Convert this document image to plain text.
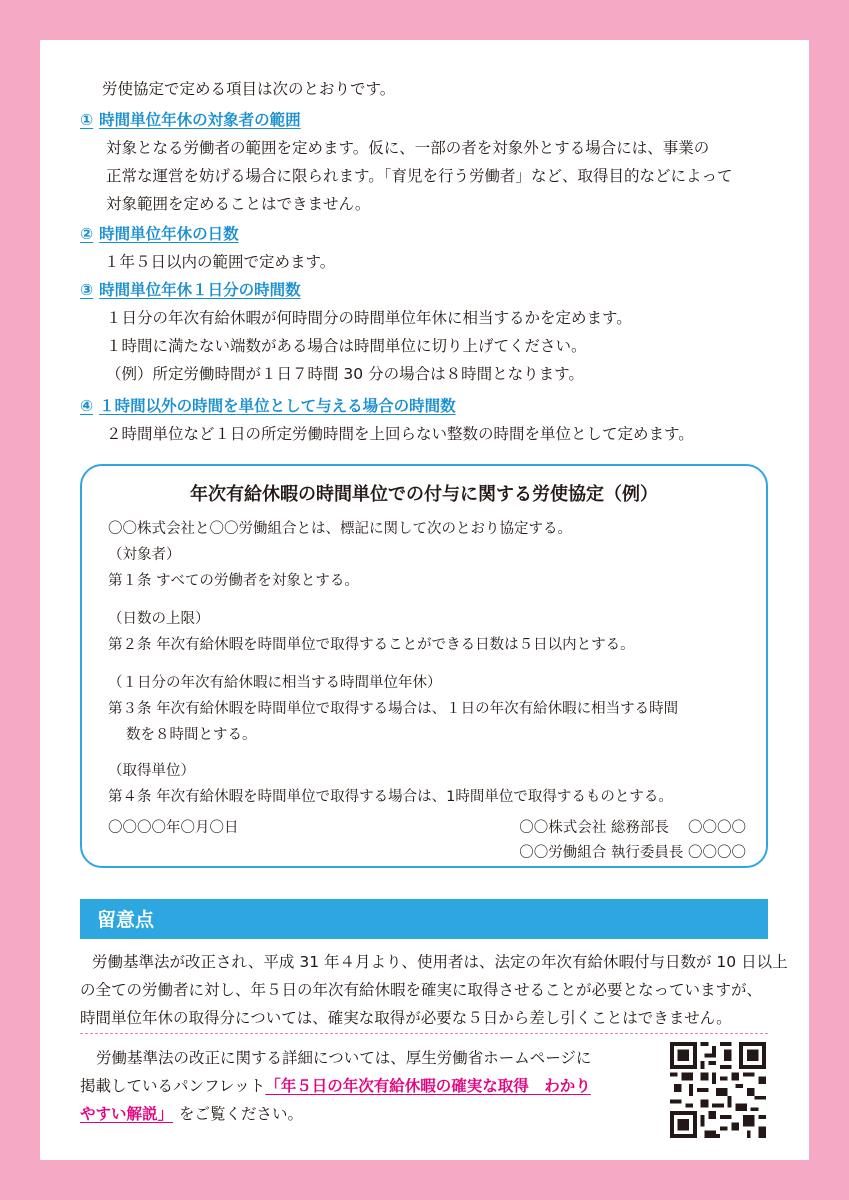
労使協定で定める項目は次のとおりです。
① 時間単位年休の対象者の範囲
対象となる労働者の範囲を定めます。仮に、一部の者を対象外とする場合には、事業の
正常な運営を妨げる場合に限られます。「育児を行う労働者」など、取得目的などによって
対象範囲を定めることはできません。
② 時間単位年休の日数
１年５日以内の範囲で定めます。
③ 時間単位年休１日分の時間数
１日分の年次有給休暇が何時間分の時間単位年休に相当するかを定めます。
１時間に満たない端数がある場合は時間単位に切り上げてください。
（例）所定労働時間が１日７時間 30 分の場合は８時間となります。
④ １時間以外の時間を単位として与える場合の時間数
２時間単位など１日の所定労働時間を上回らない整数の時間を単位として定めます。
年次有給休暇の時間単位での付与に関する労使協定（例）
〇〇株式会社と〇〇労働組合とは、標記に関して次のとおり協定する。
（対象者）
第１条 すべての労働者を対象とする。
（日数の上限）
第２条 年次有給休暇を時間単位で取得することができる日数は５日以内とする。
（１日分の年次有給休暇に相当する時間単位年休）
第３条 年次有給休暇を時間単位で取得する場合は、１日の年次有給休暇に相当する時間
数を８時間とする。
（取得単位）
第４条 年次有給休暇を時間単位で取得する場合は、1時間単位で取得するものとする。
〇〇〇〇年〇月〇日	〇〇株式会社 総務部長　 〇〇〇〇
〇〇労働組合 執行委員長 〇〇〇〇
留意点
労働基準法が改正され、平成 31 年４月より、使用者は、法定の年次有給休暇付与日数が 10 日以上
の全ての労働者に対し、年５日の年次有給休暇を確実に取得させることが必要となっていますが、
時間単位年休の取得分については、確実な取得が必要な５日から差し引くことはできません。
労働基準法の改正に関する詳細については、厚生労働省ホームページに
掲載しているパンフレット「年５日の年次有給休暇の確実な取得　わかり
やすい解説」 をご覧ください。
